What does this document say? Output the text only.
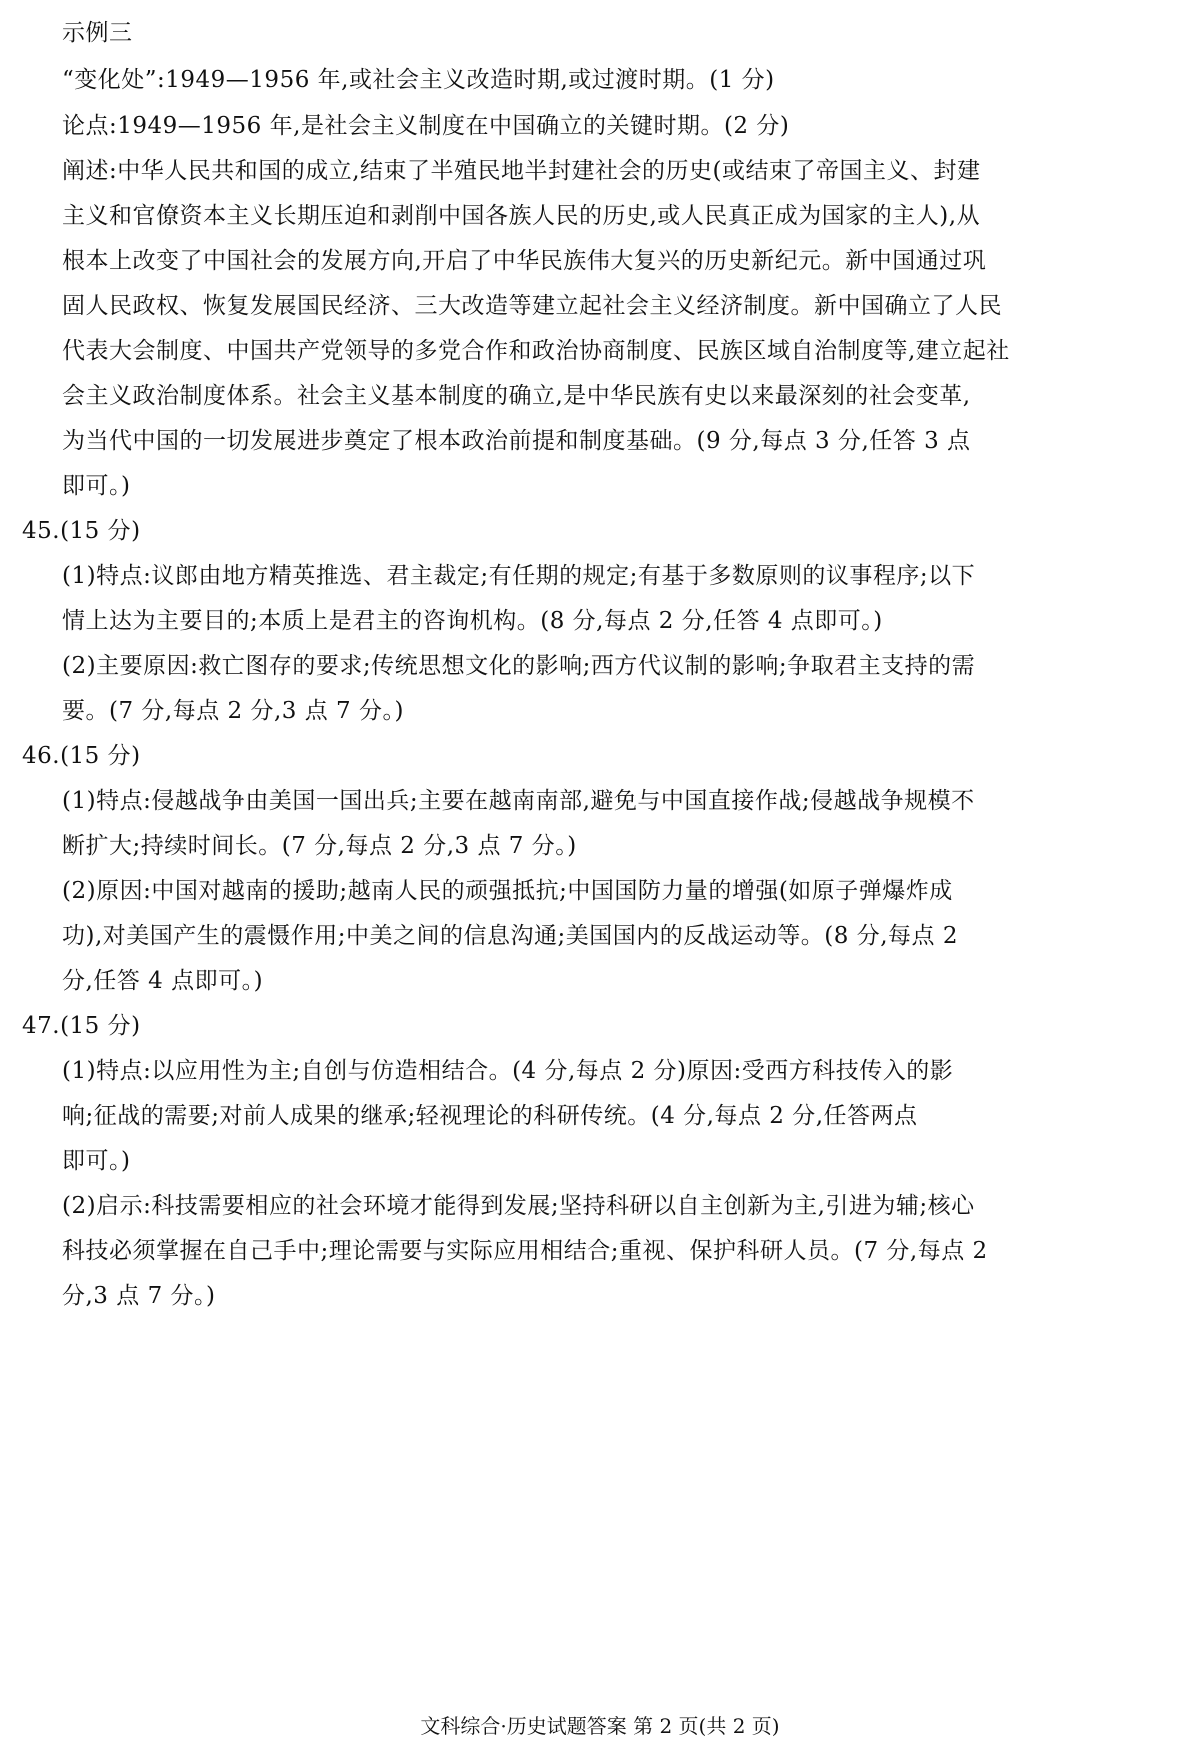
示例三
“变化处”:1949—1956 年,或社会主义改造时期,或过渡时期。(1 分)
论点:1949—1956 年,是社会主义制度在中国确立的关键时期。(2 分)
阐述:中华人民共和国的成立,结束了半殖民地半封建社会的历史(或结束了帝国主义、封建
主义和官僚资本主义长期压迫和剥削中国各族人民的历史,或人民真正成为国家的主人),从
根本上改变了中国社会的发展方向,开启了中华民族伟大复兴的历史新纪元。新中国通过巩
固人民政权、恢复发展国民经济、三大改造等建立起社会主义经济制度。新中国确立了人民
代表大会制度、中国共产党领导的多党合作和政治协商制度、民族区域自治制度等,建立起社
会主义政治制度体系。社会主义基本制度的确立,是中华民族有史以来最深刻的社会变革,
为当代中国的一切发展进步奠定了根本政治前提和制度基础。(9 分,每点 3 分,任答 3 点
即可。)
45.(15 分)
(1)特点:议郎由地方精英推选、君主裁定;有任期的规定;有基于多数原则的议事程序;以下
情上达为主要目的;本质上是君主的咨询机构。(8 分,每点 2 分,任答 4 点即可。)
(2)主要原因:救亡图存的要求;传统思想文化的影响;西方代议制的影响;争取君主支持的需
要。(7 分,每点 2 分,3 点 7 分。)
46.(15 分)
(1)特点:侵越战争由美国一国出兵;主要在越南南部,避免与中国直接作战;侵越战争规模不
断扩大;持续时间长。(7 分,每点 2 分,3 点 7 分。)
(2)原因:中国对越南的援助;越南人民的顽强抵抗;中国国防力量的增强(如原子弹爆炸成
功),对美国产生的震慑作用;中美之间的信息沟通;美国国内的反战运动等。(8 分,每点 2
分,任答 4 点即可。)
47.(15 分)
(1)特点:以应用性为主;自创与仿造相结合。(4 分,每点 2 分)原因:受西方科技传入的影
响;征战的需要;对前人成果的继承;轻视理论的科研传统。(4 分,每点 2 分,任答两点
即可。)
(2)启示:科技需要相应的社会环境才能得到发展;坚持科研以自主创新为主,引进为辅;核心
科技必须掌握在自己手中;理论需要与实际应用相结合;重视、保护科研人员。(7 分,每点 2
分,3 点 7 分。)
文科综合·历史试题答案 第 2 页(共 2 页)
